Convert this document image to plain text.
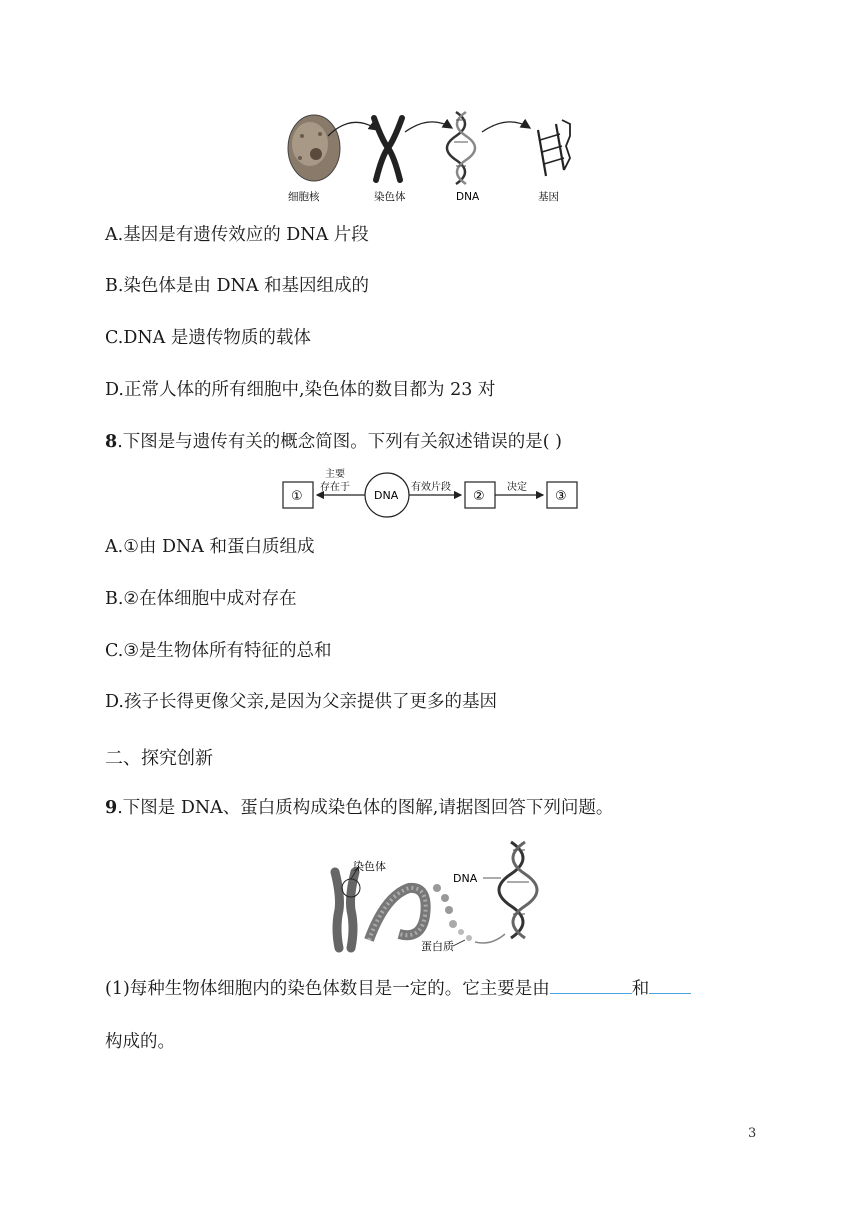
细胞核	染色体	DNA	基因
A.基因是有遗传效应的 DNA 片段
B.染色体是由 DNA 和基因组成的
C.DNA 是遗传物质的载体
D.正常人体的所有细胞中,染色体的数目都为 23 对
8.下图是与遗传有关的概念简图。下列有关叙述错误的是( )
①
主要
存在于
DNA
有效片段
②
决定
③
A.①由 DNA 和蛋白质组成
B.②在体细胞中成对存在
C.③是生物体所有特征的总和
D.孩子长得更像父亲,是因为父亲提供了更多的基因
二、探究创新
9.下图是 DNA、蛋白质构成染色体的图解,请据图回答下列问题。
染色体
蛋白质
DNA
(1)每种生物体细胞内的染色体数目是一定的。它主要是由	和
构成的。
3
